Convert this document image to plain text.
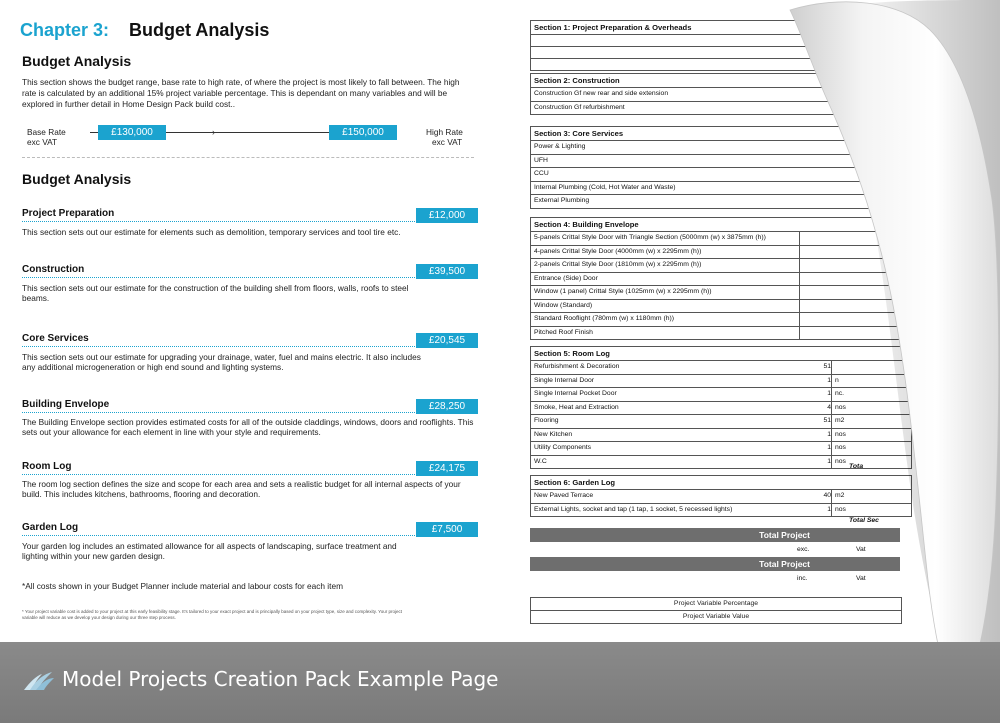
Chapter 3: Budget Analysis
Budget Analysis
This section shows the budget range, base rate to high rate, of where the project is most likely to fall between. The high
rate is calculated by an additional 15% project variable percentage. This is dependant on many variables and will be explored in further detail in Home Design Pack build cost..
Base Rate
exc VAT
›
£130,000	£150,000	High Rate
exc VAT
Budget Analysis
Project Preparation	£12,000
This section sets out our estimate for elements such as demolition, temporary services and tool tire etc.
Construction	£39,500
This section sets out our estimate for the construction of the building shell from floors, walls, roofs to steel beams.
Core Services	£20,545
This section sets out our estimate for upgrading your drainage, water, fuel and mains electric. It also includes any additional microgeneration or high end sound and lighting systems.
Building Envelope	£28,250
The Building Envelope section provides estimated costs for all of the outside claddings, windows, doors and rooflights. This sets out your allowance for each element in line with your style and requirements.
Room Log	£24,175
The room log section defines the size and scope for each area and sets a realistic budget for all internal aspects of your build. This includes kitchens, bathrooms, flooring and decoration.
Garden Log	£7,500
Your garden log includes an estimated allowance for all aspects of landscaping, surface treatment and lighting within your new garden design.
*All costs shown in your Budget Planner include material and labour costs for each item
* Your project variable cost is added to your project at this early feasibility stage. It's tailored to your exact project and is principally based on your project type, size and complexity. Your project variable will reduce as we develop your design during our three step process.
Section 1: Project Preparation & Overheads
Section 2: Construction
Construction Gf new rear and side extension
Construction Gf refurbishment
Section 3: Core Services
Power & Lighting
UFH
CCU
Internal Plumbing (Cold, Hot Water and Waste)
External Plumbing
Section 4: Building Envelope
5-panels Crittal Style Door with Triangle Section (5000mm (w) x 3875mm (h))
4-panels Crittal Style Door (4000mm (w) x 2295mm (h))
2-panels Crittal Style Door (1810mm (w) x 2295mm (h))
Entrance (Side) Door
Window (1 panel) Crittal Style (1025mm (w) x 2295mm (h))
Window (Standard)
Standard Rooflight (780mm (w) x 1180mm (h))
Pitched Roof Finish
Section 5: Room Log
Refurbishment & Decoration	51
Single Internal Door	1 n
Single Internal Pocket Door	1 nc.
Smoke, Heat and Extraction	4 nos
Flooring	51 m2
New Kitchen	1 nos
Utility Components	1 nos
W.C	1 nos
Tota
Section 6: Garden Log
New Paved Terrace	40 m2
External Lights, socket and tap (1 tap, 1 socket, 5 recessed lights)	1 nos
Total Sec
Total Project
exc.	Vat
Total Project
inc.	Vat
Project Variable Percentage
Project Variable Value
Model Projects Creation Pack Example Page
